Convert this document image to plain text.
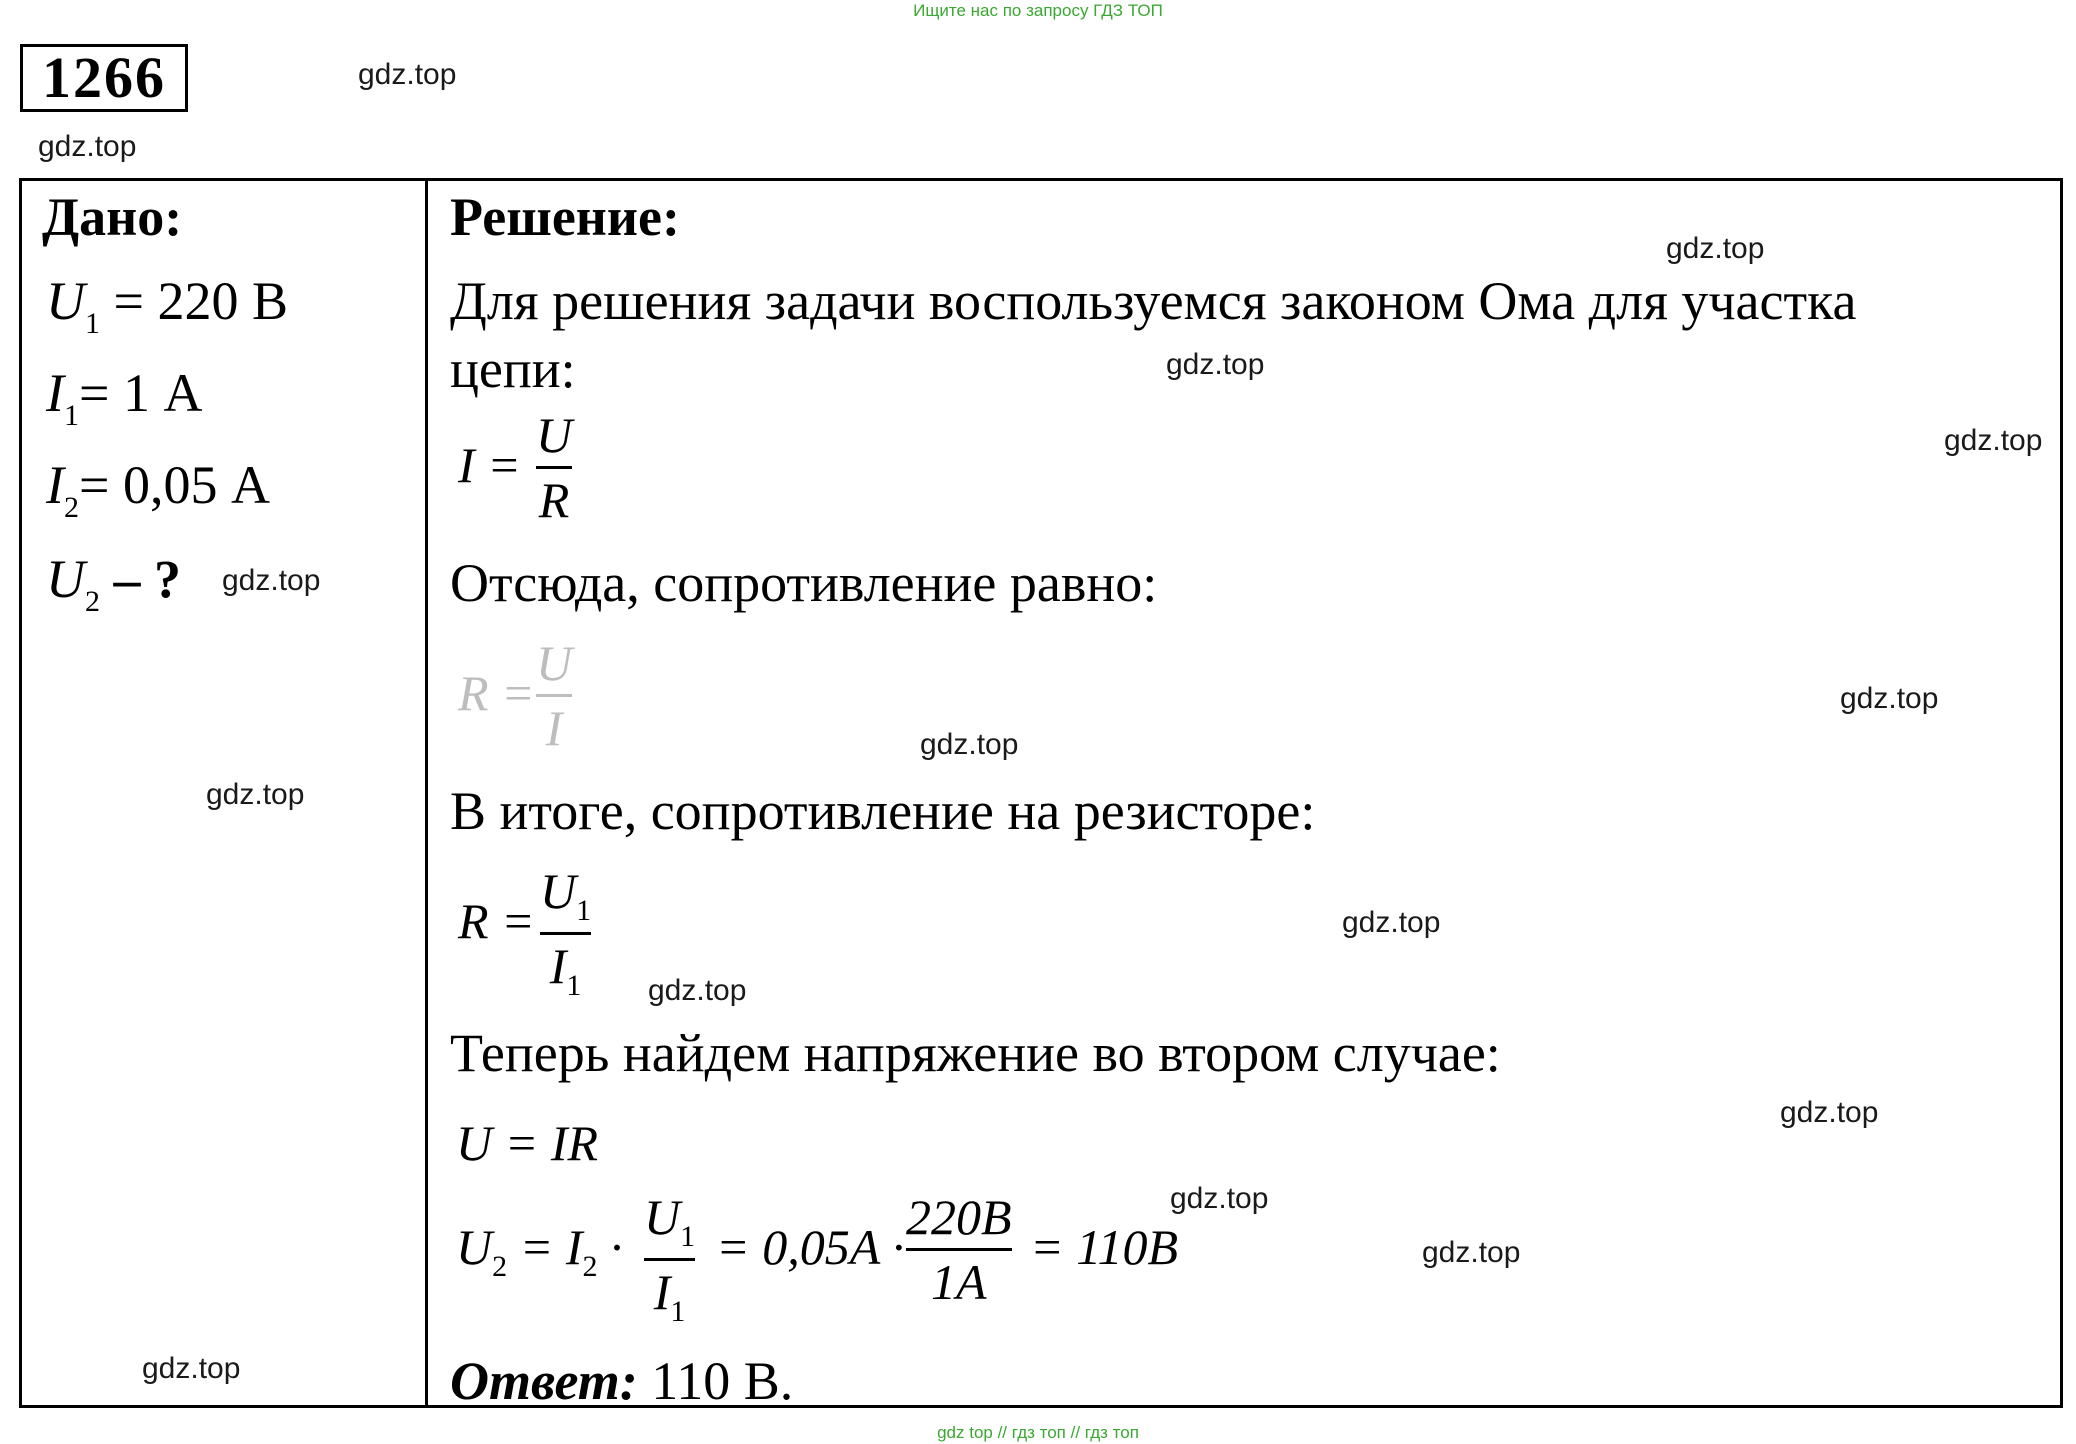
Ищите нас по запросу ГДЗ ТОП
1266
Дано:
$U_1 = 220$ В
$I_1= 1$ А
$I_2= 0,05$ А
$U_2$ – ?
Решение:
Для решения задачи воспользуемся законом Ома для участка
цепи:
I =
U
R
Отсюда, сопротивление равно:
R =
U
I
В итоге, сопротивление на резисторе:
R =
$U_1$
$I_1$
Теперь найдем напряжение во втором случае:
U = IR
$U_2 = I_2$ ·
$U_1$
$I_1$
= 0,05A ·
220B
1A
= 110B
Ответ: 110 В.
gdz.top
gdz.top
gdz.top
gdz.top
gdz.top
gdz.top
gdz.top
gdz.top
gdz.top
gdz.top
gdz.top
gdz.top
gdz.top
gdz.top
gdz.top
gdz top // гдз топ // гдз топ
